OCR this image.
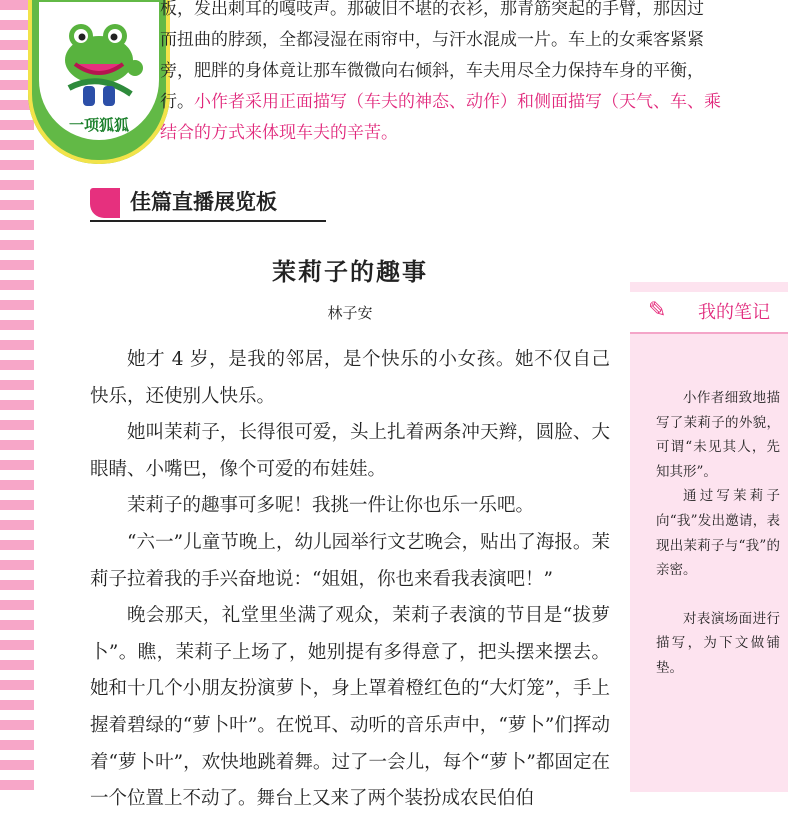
一项狐狐

板，发出刺耳的嘎吱声。那破旧不堪的衣衫，那青筋突起的手臂，那因过

而扭曲的脖颈，全都浸湿在雨帘中，与汗水混成一片。车上的女乘客紧紧

旁，肥胖的身体竟让那车微微向右倾斜，车夫用尽全力保持车身的平衡，

行。小作者采用正面描写（车夫的神态、动作）和侧面描写（天气、车、乘

结合的方式来体现车夫的辛苦。

佳篇直播展览板
茉莉子的趣事
林子安

她才 4 岁，是我的邻居，是个快乐的小女孩。她不仅自己快乐，还使别人快乐。

她叫茉莉子，长得很可爱，头上扎着两条冲天辫，圆脸、大眼睛、小嘴巴，像个可爱的布娃娃。

茉莉子的趣事可多呢！我挑一件让你也乐一乐吧。

“六一”儿童节晚上，幼儿园举行文艺晚会，贴出了海报。茉莉子拉着我的手兴奋地说：“姐姐，你也来看我表演吧！”

晚会那天，礼堂里坐满了观众，茉莉子表演的节目是“拔萝卜”。瞧，茉莉子上场了，她别提有多得意了，把头摆来摆去。她和十几个小朋友扮演萝卜，身上罩着橙红色的“大灯笼”，手上握着碧绿的“萝卜叶”。在悦耳、动听的音乐声中，“萝卜”们挥动着“萝卜叶”，欢快地跳着舞。过了一会儿，每个“萝卜”都固定在一个位置上不动了。舞台上又来了两个装扮成农民伯伯

✎	我的笔记

小作者细致地描写了茉莉子的外貌，可谓“未见其人，先知其形”。

通过写茉莉子向“我”发出邀请，表现出茉莉子与“我”的亲密。

对表演场面进行描写，为下文做铺垫。
